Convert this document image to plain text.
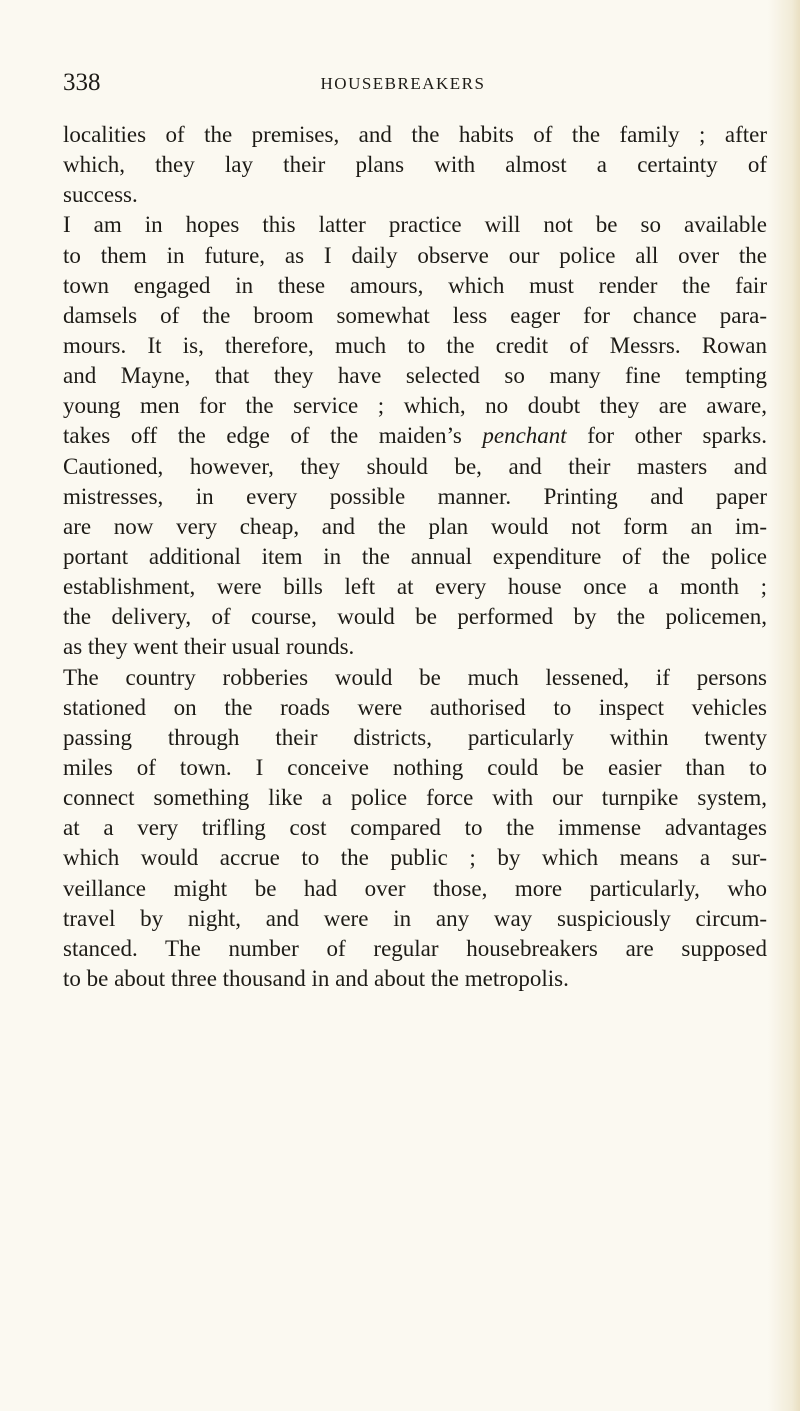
338	HOUSEBREAKERS
localities of the premises, and the habits of the family ; after
which, they lay their plans with almost a certainty of
success.
I am in hopes this latter practice will not be so available
to them in future, as I daily observe our police all over the
town engaged in these amours, which must render the fair
damsels of the broom somewhat less eager for chance para-
mours. It is, therefore, much to the credit of Messrs. Rowan
and Mayne, that they have selected so many fine tempting
young men for the service ; which, no doubt they are aware,
takes off the edge of the maiden’s penchant for other sparks.
Cautioned, however, they should be, and their masters and
mistresses, in every possible manner. Printing and paper
are now very cheap, and the plan would not form an im-
portant additional item in the annual expenditure of the police
establishment, were bills left at every house once a month ;
the delivery, of course, would be performed by the policemen,
as they went their usual rounds.
The country robberies would be much lessened, if persons
stationed on the roads were authorised to inspect vehicles
passing through their districts, particularly within twenty
miles of town. I conceive nothing could be easier than to
connect something like a police force with our turnpike system,
at a very trifling cost compared to the immense advantages
which would accrue to the public ; by which means a sur-
veillance might be had over those, more particularly, who
travel by night, and were in any way suspiciously circum-
stanced. The number of regular housebreakers are supposed
to be about three thousand in and about the metropolis.
